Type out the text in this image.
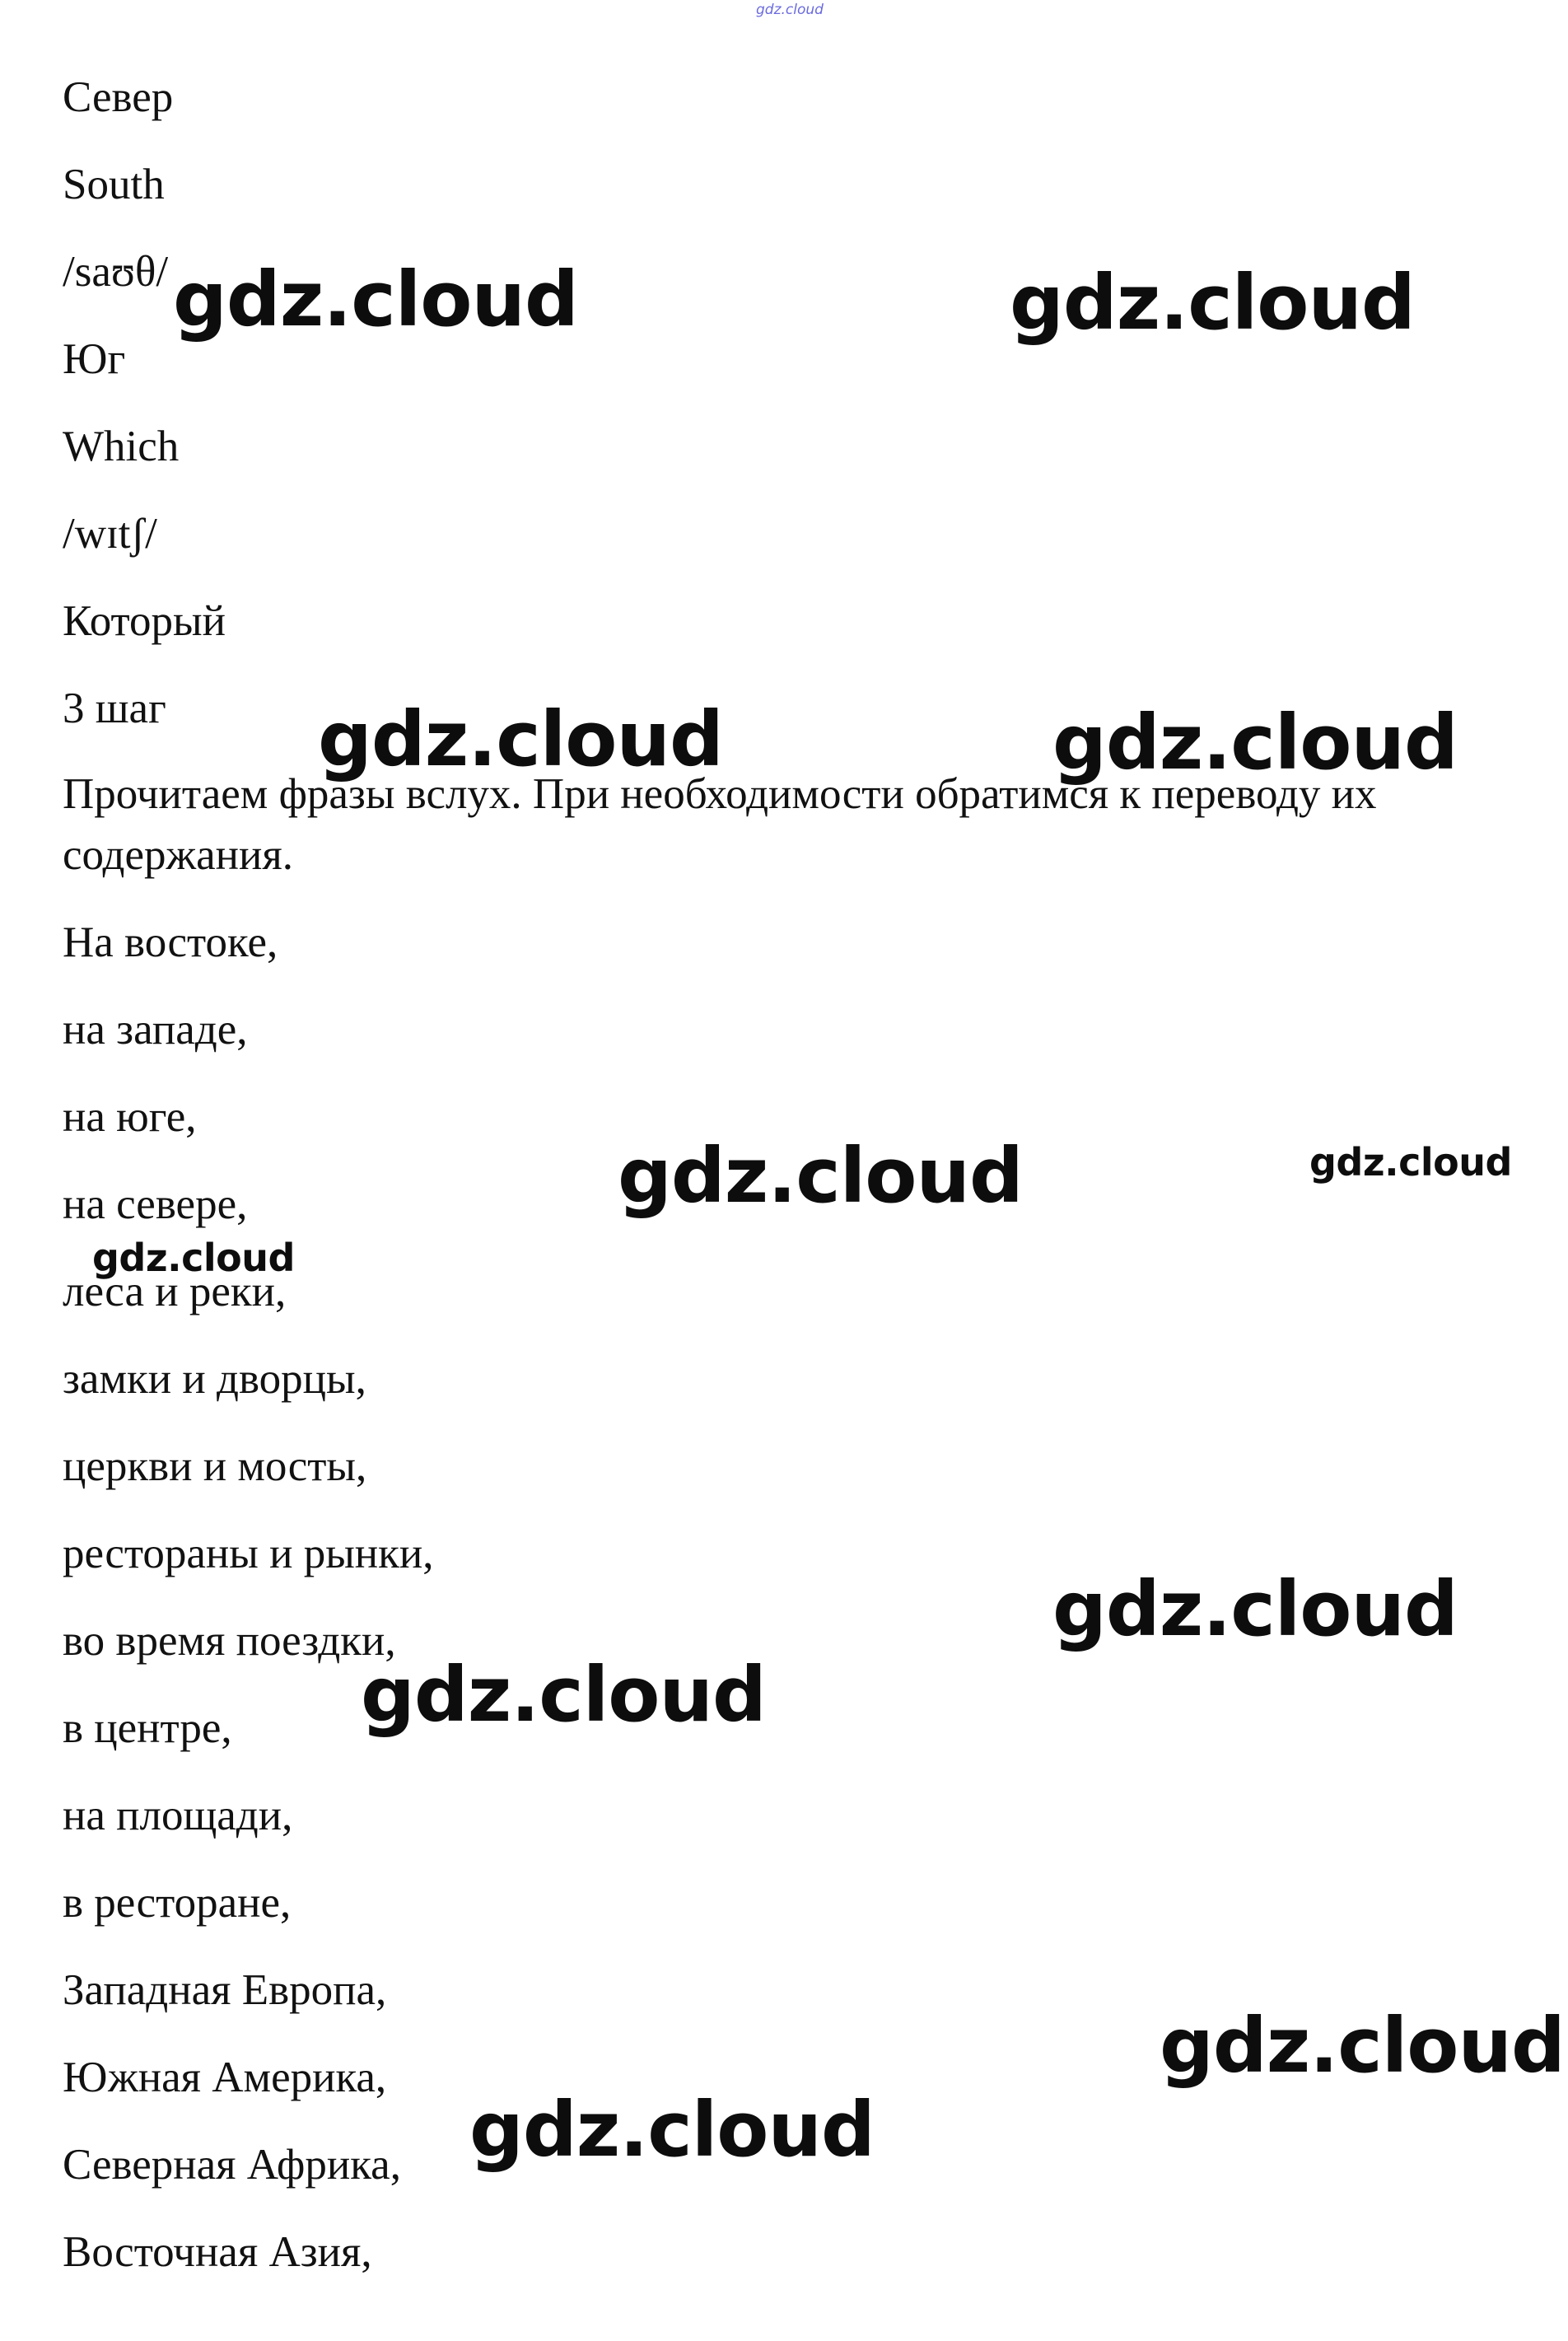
gdz.cloud
Север
South
/saʊθ/
Юг
Which
/wɪtʃ/
Который
3 шаг
Прочитаем фразы вслух. При необходимости обратимся к переводу их содержания.
На востоке,
на западе,
на юге,
на севере,
леса и реки,
замки и дворцы,
церкви и мосты,
рестораны и рынки,
во время поездки,
в центре,
на площади,
в ресторане,
Западная Европа,
Южная Америка,
Северная Африка,
Восточная Азия,
gdz.cloud	gdz.cloud
gdz.cloud	gdz.cloud
gdz.cloud	gdz.cloud
gdz.cloud
gdz.cloud
gdz.cloud
gdz.cloud
gdz.cloud
